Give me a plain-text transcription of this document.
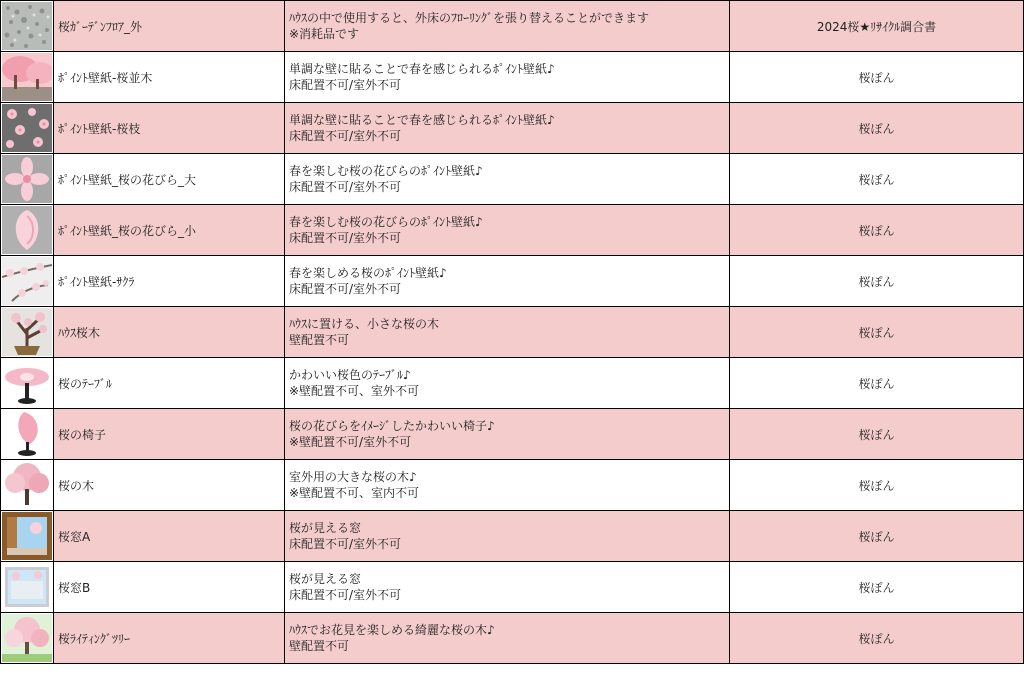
桜ｶﾞｰﾃﾞﾝﾌﾛｱ_外
ﾊｳｽの中で使用すると、外床のﾌﾛｰﾘﾝｸﾞを張り替えることができます
※消耗品です
2024桜★ﾘｻｲｸﾙ調合書
ﾎﾟｲﾝﾄ壁紙-桜並木
単調な壁に貼ることで春を感じられるﾎﾟｲﾝﾄ壁紙♪
床配置不可/室外不可
桜ぽん
ﾎﾟｲﾝﾄ壁紙-桜枝
単調な壁に貼ることで春を感じられるﾎﾟｲﾝﾄ壁紙♪
床配置不可/室外不可
桜ぽん
ﾎﾟｲﾝﾄ壁紙_桜の花びら_大
春を楽しむ桜の花びらのﾎﾟｲﾝﾄ壁紙♪
床配置不可/室外不可
桜ぽん
ﾎﾟｲﾝﾄ壁紙_桜の花びら_小
春を楽しむ桜の花びらのﾎﾟｲﾝﾄ壁紙♪
床配置不可/室外不可
桜ぽん
ﾎﾟｲﾝﾄ壁紙-ｻｸﾗ
春を楽しめる桜のﾎﾟｲﾝﾄ壁紙♪
床配置不可/室外不可
桜ぽん
ﾊｳｽ桜木
ﾊｳｽに置ける、小さな桜の木
壁配置不可
桜ぽん
桜のﾃｰﾌﾞﾙ
かわいい桜色のﾃｰﾌﾞﾙ♪
※壁配置不可、室外不可
桜ぽん
桜の椅子
桜の花びらをｲﾒｰｼﾞしたかわいい椅子♪
※壁配置不可/室外不可
桜ぽん
桜の木
室外用の大きな桜の木♪
※壁配置不可、室内不可
桜ぽん
桜窓A
桜が見える窓
床配置不可/室外不可
桜ぽん
桜窓B
桜が見える窓
床配置不可/室外不可
桜ぽん
桜ﾗｲﾃｨﾝｸﾞﾂﾘｰ
ﾊｳｽでお花見を楽しめる綺麗な桜の木♪
壁配置不可
桜ぽん
